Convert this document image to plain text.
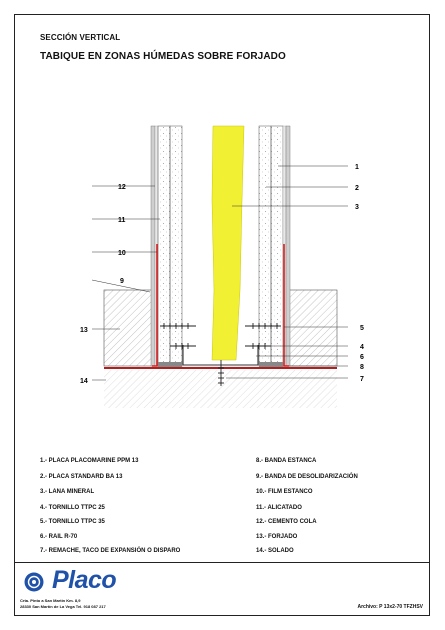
SECCIÓN VERTICAL
TABIQUE EN ZONAS HÚMEDAS SOBRE FORJADO
1
2
3
5
4
6
8
7
12
11
10
9
13
14
1.- PLACA PLACOMARINE PPM 13
2.- PLACA STANDARD BA 13
3.- LANA MINERAL
4.- TORNILLO TTPC 25
5.- TORNILLO TTPC 35
6.- RAIL R-70
7.- REMACHE, TACO DE EXPANSIÓN O DISPARO
8.- BANDA ESTANCA
9.- BANDA DE DESOLIDARIZACIÓN
10.- FILM ESTANCO
11.- ALICATADO
12.- CEMENTO COLA
13.- FORJADO
14.- SOLADO
Placo
Crta. Pinto a San Martín Km. 8,9
28330 San Martín de La Vega Tel. 918 087 217	Archivo: P 13x2-70 TFZHSV
